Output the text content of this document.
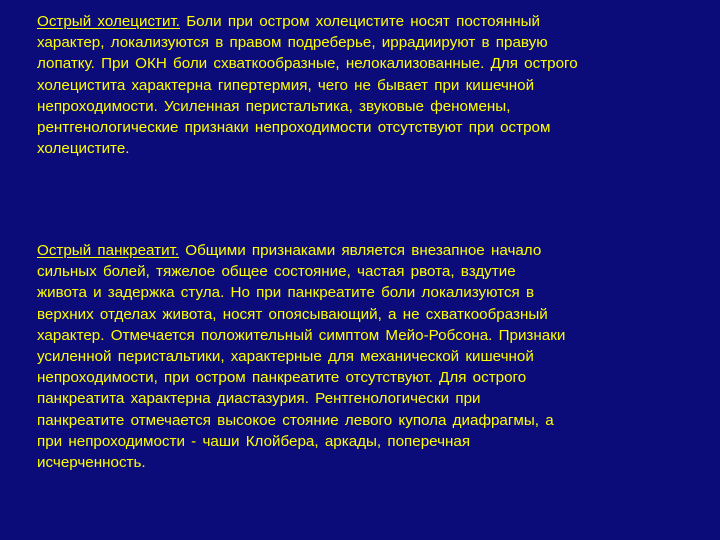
Острый холецистит. Боли при остром холецистите носят постоянный
характер, локализуются в правом подреберье, иррадиируют в правую
лопатку. При ОКН боли схваткообразные, нелокализованные. Для острого
холецистита характерна гипертермия, чего не бывает при кишечной
непроходимости. Усиленная перистальтика, звуковые феномены,
рентгенологические признаки непроходимости отсутствуют при остром
холецистите.
Острый панкреатит. Общими признаками является внезапное начало
сильных болей, тяжелое общее состояние, частая рвота, вздутие
живота и задержка стула. Но при панкреатите боли локализуются в
верхних отделах живота, носят опоясывающий, а не схваткообразный
характер. Отмечается положительный симптом Мейо-Робсона. Признаки
усиленной перистальтики, характерные для механической кишечной
непроходимости, при остром панкреатите отсутствуют. Для острого
панкреатита характерна диастазурия. Рентгенологически при
панкреатите отмечается высокое стояние левого купола диафрагмы, а
при непроходимости - чаши Клойбера, аркады, поперечная
исчерченность.
